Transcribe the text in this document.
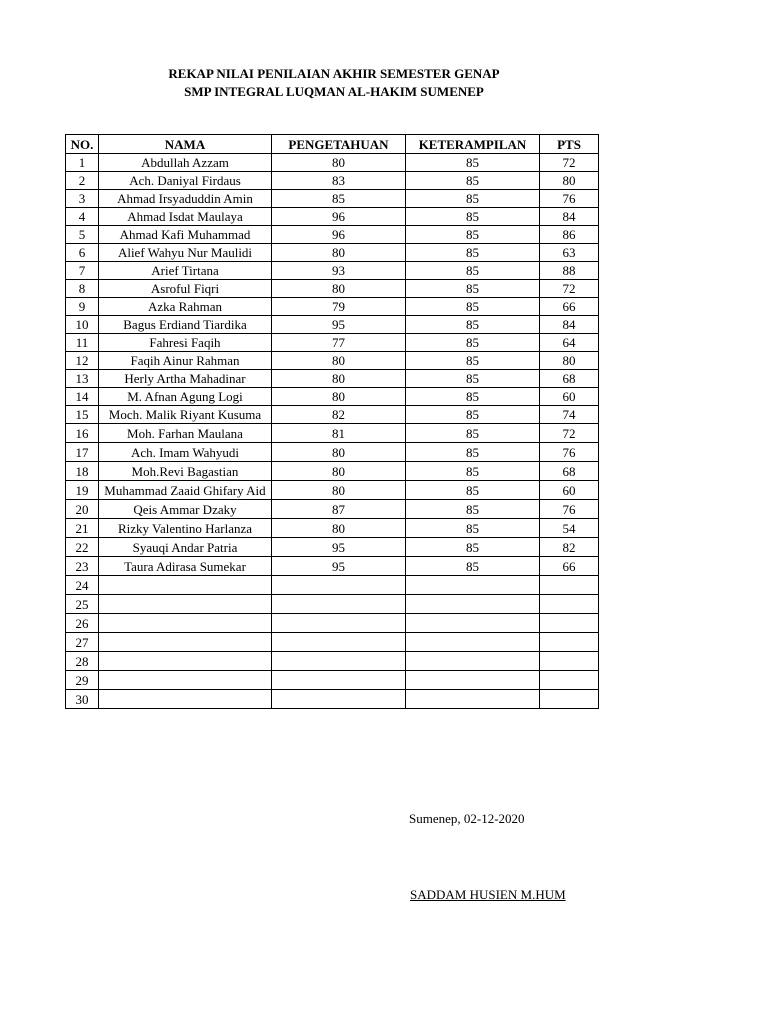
REKAP NILAI PENILAIAN AKHIR SEMESTER GENAP
SMP INTEGRAL LUQMAN AL-HAKIM SUMENEP
NO.	NAMA	PENGETAHUAN	KETERAMPILAN	PTS
1	Abdullah Azzam	80	85	72
2	Ach. Daniyal Firdaus	83	85	80
3	Ahmad Irsyaduddin Amin	85	85	76
4	Ahmad Isdat Maulaya	96	85	84
5	Ahmad Kafi Muhammad	96	85	86
6	Alief Wahyu Nur Maulidi	80	85	63
7	Arief Tirtana	93	85	88
8	Asroful Fiqri	80	85	72
9	Azka Rahman	79	85	66
10	Bagus Erdiand Tiardika	95	85	84
11	Fahresi Faqih	77	85	64
12	Faqih Ainur Rahman	80	85	80
13	Herly Artha Mahadinar	80	85	68
14	M. Afnan Agung Logi	80	85	60
15	Moch. Malik Riyant Kusuma	82	85	74
16	Moh. Farhan Maulana	81	85	72
17	Ach. Imam Wahyudi	80	85	76
18	Moh.Revi Bagastian	80	85	68
19	Muhammad Zaaid Ghifary Aid	80	85	60
20	Qeis Ammar Dzaky	87	85	76
21	Rizky Valentino Harlanza	80	85	54
22	Syauqi Andar Patria	95	85	82
23	Taura Adirasa Sumekar	95	85	66
24				
25				
26				
27				
28				
29				
30				
Sumenep, 02-12-2020
SADDAM HUSIEN M.HUM
